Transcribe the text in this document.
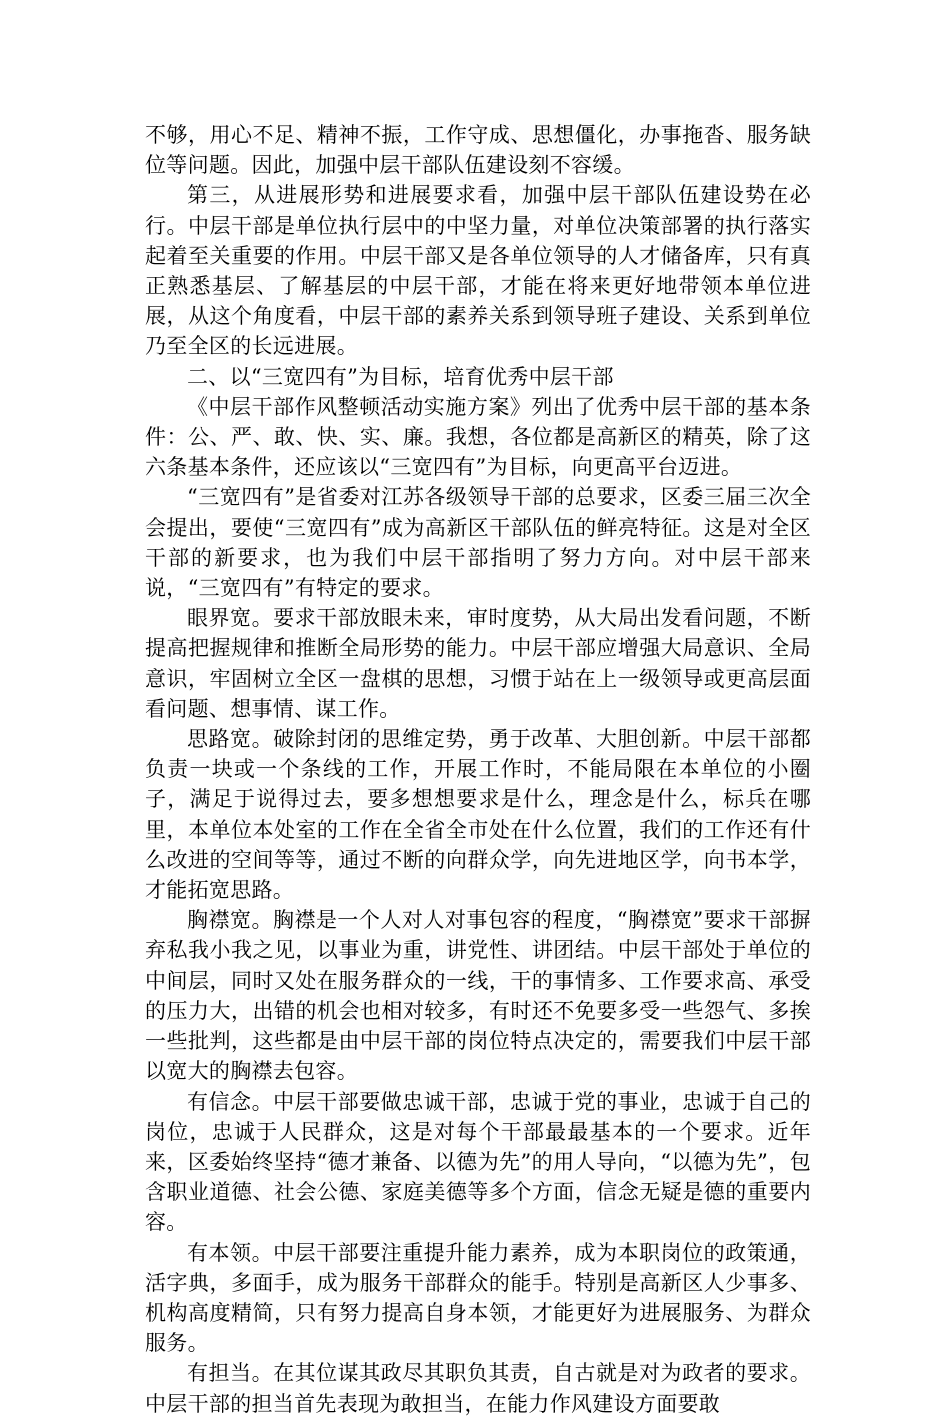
不够，用心不足、精神不振，工作守成、思想僵化，办事拖沓、服务缺位等问题。因此，加强中层干部队伍建设刻不容缓。

第三，从进展形势和进展要求看，加强中层干部队伍建设势在必行。中层干部是单位执行层中的中坚力量，对单位决策部署的执行落实起着至关重要的作用。中层干部又是各单位领导的人才储备库，只有真正熟悉基层、了解基层的中层干部，才能在将来更好地带领本单位进展，从这个角度看，中层干部的素养关系到领导班子建设、关系到单位乃至全区的长远进展。

二、以“三宽四有”为目标，培育优秀中层干部

《中层干部作风整顿活动实施方案》列出了优秀中层干部的基本条件：公、严、敢、快、实、廉。我想，各位都是高新区的精英，除了这六条基本条件，还应该以“三宽四有”为目标，向更高平台迈进。

“三宽四有”是省委对江苏各级领导干部的总要求，区委三届三次全会提出，要使“三宽四有”成为高新区干部队伍的鲜亮特征。这是对全区干部的新要求，也为我们中层干部指明了努力方向。对中层干部来说，“三宽四有”有特定的要求。

眼界宽。要求干部放眼未来，审时度势，从大局出发看问题，不断提高把握规律和推断全局形势的能力。中层干部应增强大局意识、全局意识，牢固树立全区一盘棋的思想，习惯于站在上一级领导或更高层面看问题、想事情、谋工作。

思路宽。破除封闭的思维定势，勇于改革、大胆创新。中层干部都负责一块或一个条线的工作，开展工作时，不能局限在本单位的小圈子，满足于说得过去，要多想想要求是什么，理念是什么，标兵在哪里，本单位本处室的工作在全省全市处在什么位置，我们的工作还有什么改进的空间等等，通过不断的向群众学，向先进地区学，向书本学，才能拓宽思路。

胸襟宽。胸襟是一个人对人对事包容的程度，“胸襟宽”要求干部摒弃私我小我之见，以事业为重，讲党性、讲团结。中层干部处于单位的中间层，同时又处在服务群众的一线，干的事情多、工作要求高、承受的压力大，出错的机会也相对较多，有时还不免要多受一些怨气、多挨一些批判，这些都是由中层干部的岗位特点决定的，需要我们中层干部以宽大的胸襟去包容。

有信念。中层干部要做忠诚干部，忠诚于党的事业，忠诚于自己的岗位，忠诚于人民群众，这是对每个干部最最基本的一个要求。近年来，区委始终坚持“德才兼备、以德为先”的用人导向，“以德为先”，包含职业道德、社会公德、家庭美德等多个方面，信念无疑是德的重要内容。

有本领。中层干部要注重提升能力素养，成为本职岗位的政策通，活字典，多面手，成为服务干部群众的能手。特别是高新区人少事多、机构高度精简，只有努力提高自身本领，才能更好为进展服务、为群众服务。

有担当。在其位谋其政尽其职负其责，自古就是对为政者的要求。中层干部的担当首先表现为敢担当，在能力作风建设方面要敢
